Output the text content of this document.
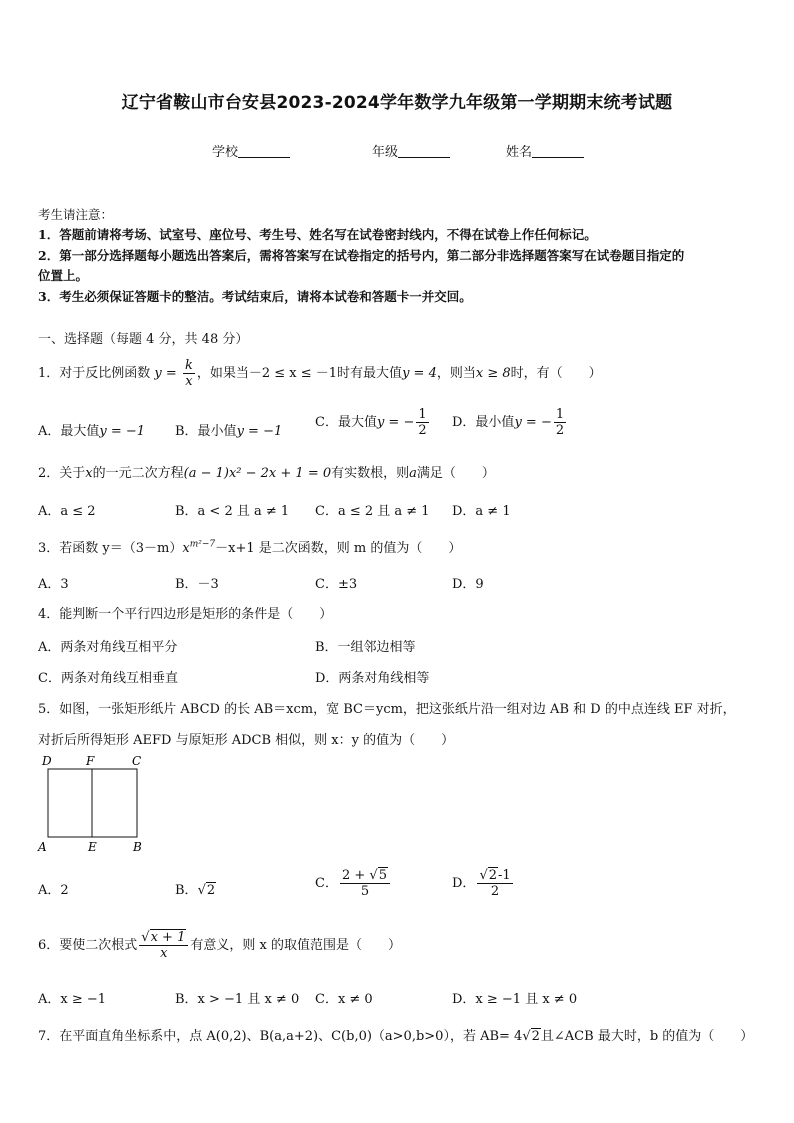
辽宁省鞍山市台安县2023-2024学年数学九年级第一学期期末统考试题
学校	年级	姓名
考生请注意：
1．答题前请将考场、试室号、座位号、考生号、姓名写在试卷密封线内，不得在试卷上作任何标记。
2．第一部分选择题每小题选出答案后，需将答案写在试卷指定的括号内，第二部分非选择题答案写在试卷题目指定的
位置上。
3．考生必须保证答题卡的整洁。考试结束后，请将本试卷和答题卡一并交回。
一、选择题（每题 4 分，共 48 分）
1．对于反比例函数 $y = \frac{k}{x}$ ，如果当－2 ≤ x ≤ －1时有最大值y = 4，则当x ≥ 8时，有（　　）
A．最大值y = −1 B．最小值y = −1
C．最大值y = − $\frac{1}{2}$ D．最小值y = − $\frac{1}{2}$
2．关于x的一元二次方程(a − 1)x² − 2x + 1 = 0有实数根，则a满足（　　）
A．a ≤ 2	B．a < 2 且 a ≠ 1 C．a ≤ 2 且 a ≠ 1 D．a ≠ 1
3．若函数 $y=(3-m)x^{m^2-7}-x+1$ 是二次函数，则 m 的值为（　　）
A．3	B．－3	C．±3	D．9
4．能判断一个平行四边形是矩形的条件是（　　）
A．两条对角线互相平分	B．一组邻边相等
C．两条对角线互相垂直	D．两条对角线相等
5．如图，一张矩形纸片 ABCD 的长 AB＝xcm，宽 BC＝ycm，把这张纸片沿一组对边 AB 和 D 的中点连线 EF 对折，
对折后所得矩形 AEFD 与原矩形 ADCB 相似，则 x：y 的值为（　　）
D	F	C
A	E	B
A．2	B．√2	C． $\frac{2 + √5}{5}$	D． $\frac{√2-1}{2}$
6．要使二次根式 $\frac{√x + 1}{x}$ 有意义，则 x 的取值范围是（　　）
A．x ≥ −1	B．x > −1 且 x ≠ 0 C．x ≠ 0	D．x ≥ −1 且 x ≠ 0
7．在平面直角坐标系中，点 A(0,2)、B(a,a+2)、C(b,0)（a>0,b>0），若 AB= 4√2且∠ACB 最大时，b 的值为（　　）
